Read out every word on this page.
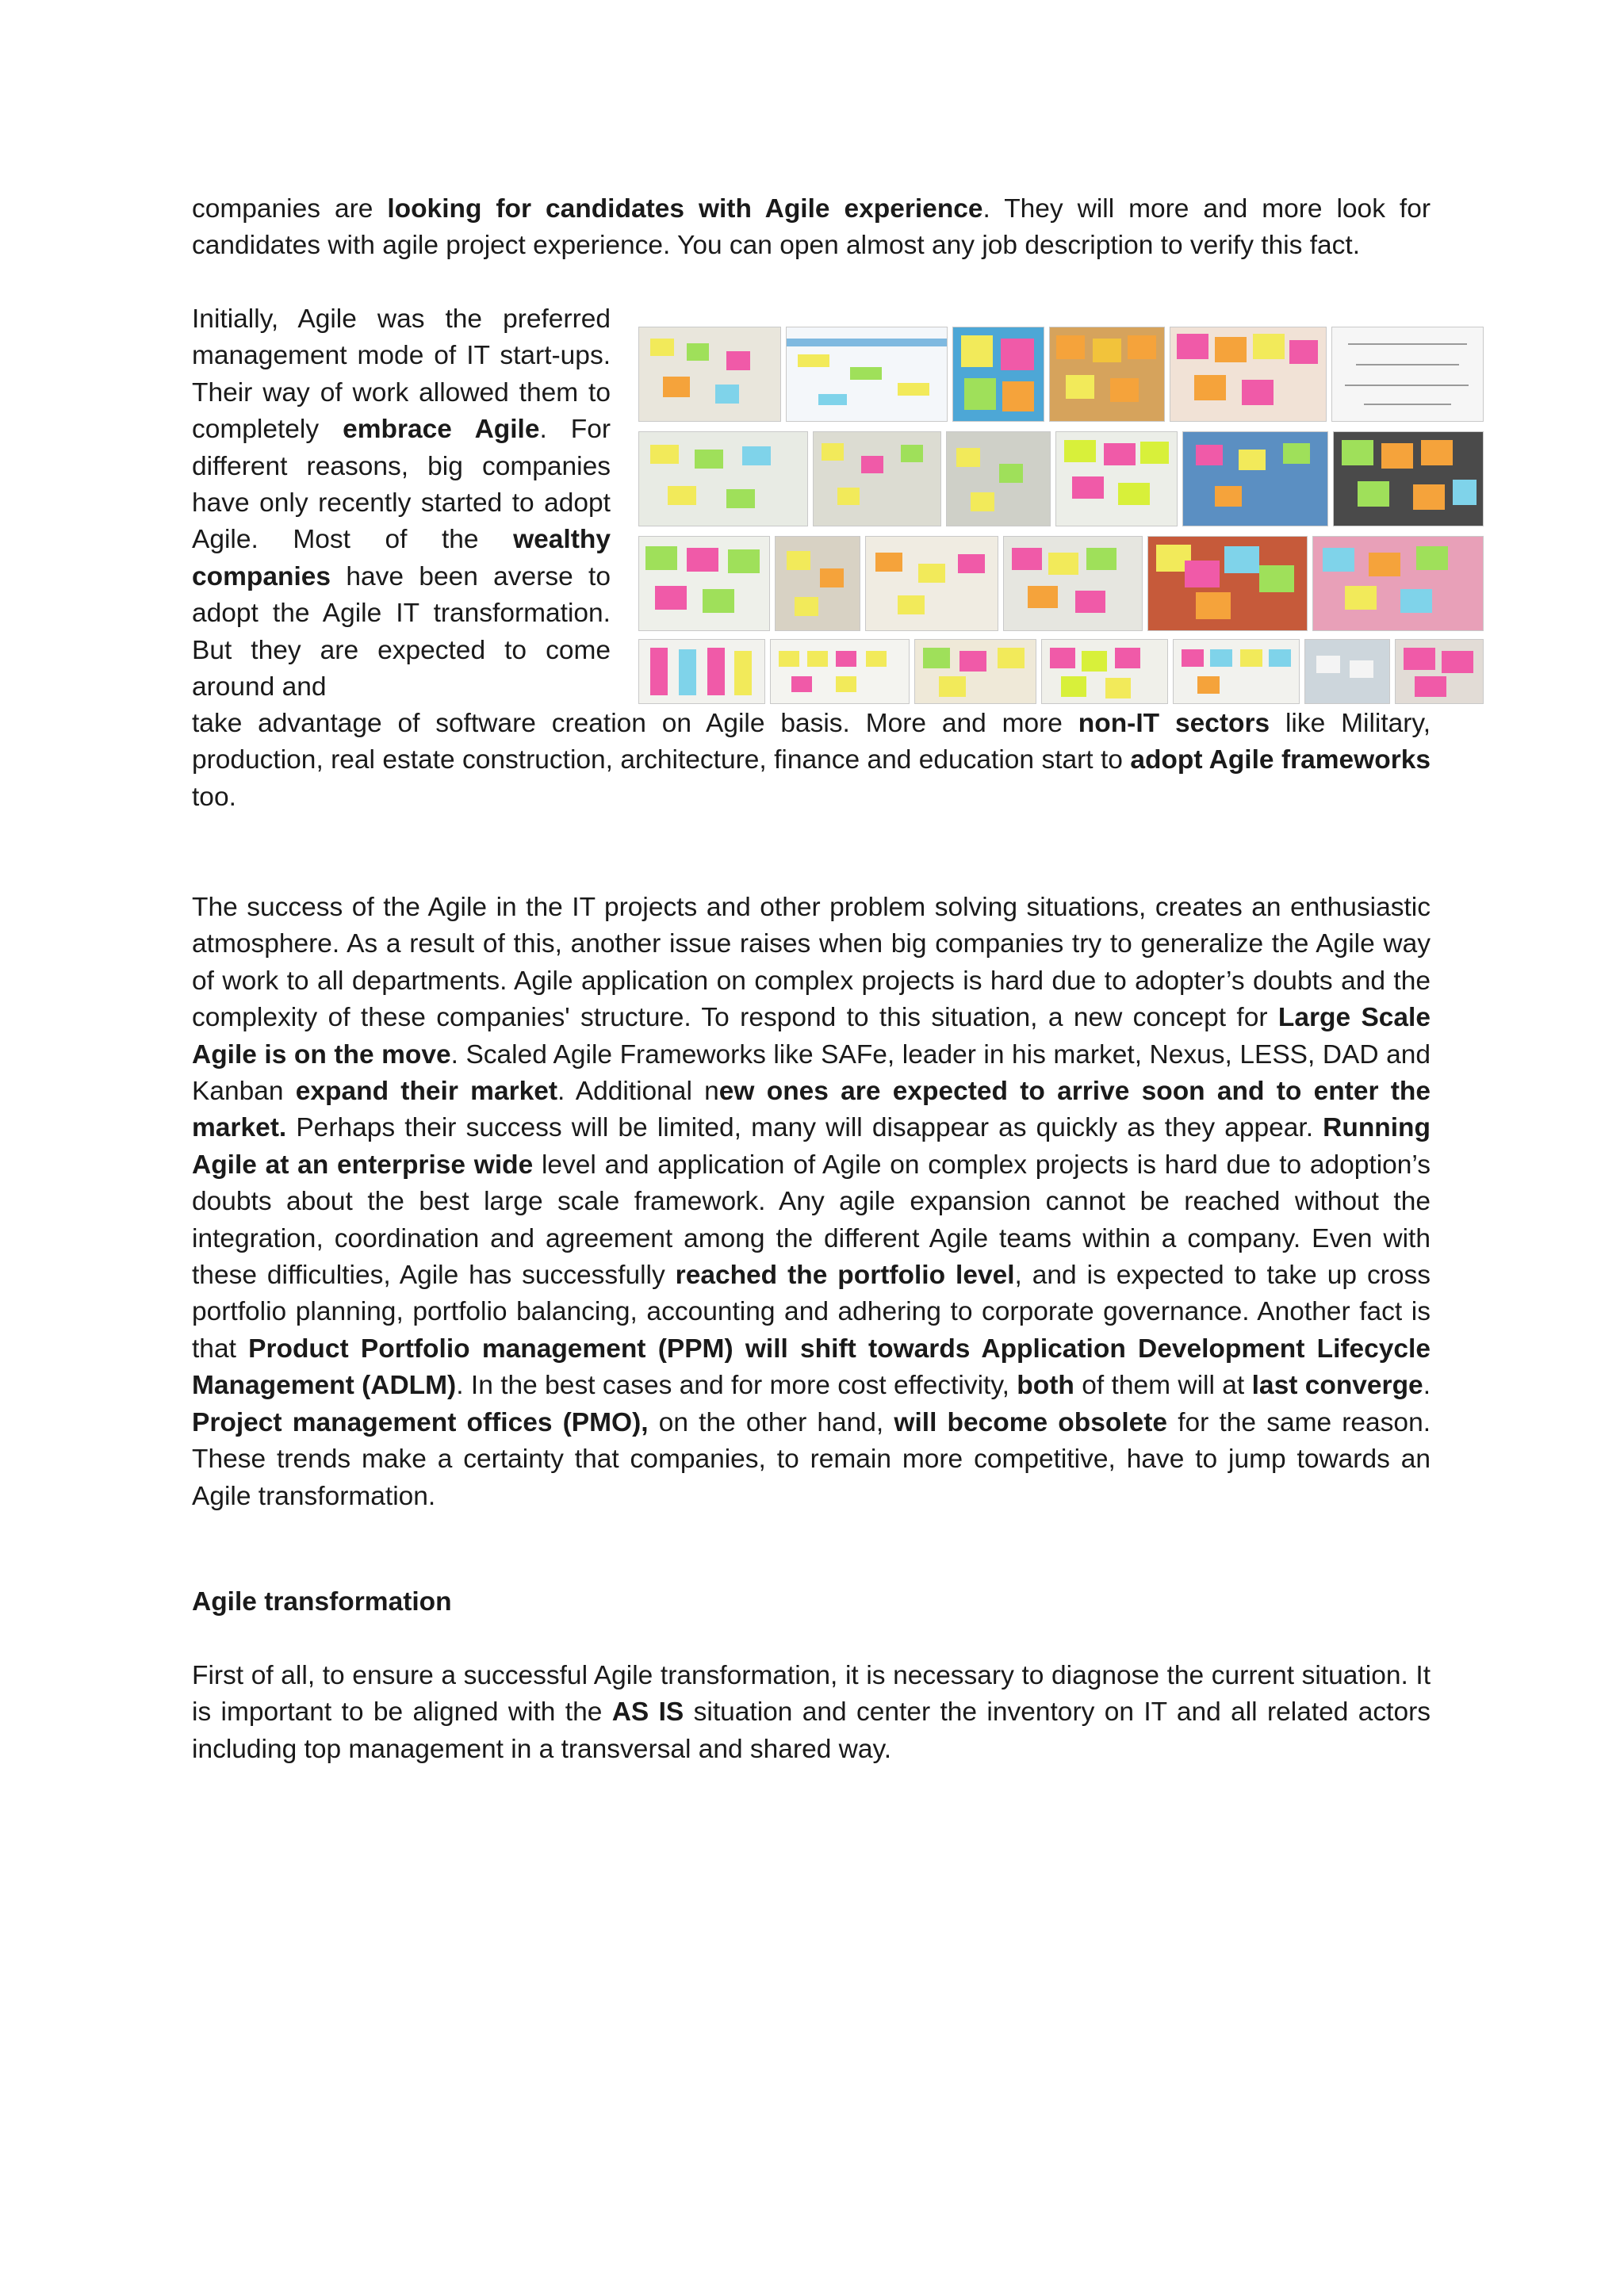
companies are looking for candidates with Agile experience. They will more and more look for candidates with agile project experience. You can open almost any job description to verify this fact.

Initially, Agile was the preferred management mode of IT start-ups. Their way of work allowed them to completely embrace Agile. For different reasons, big companies have only recently started to adopt Agile. Most of the wealthy companies have been averse to adopt the Agile IT transformation. But they are expected to come around and

take advantage of software creation on Agile basis. More and more non-IT sectors like Military, production, real estate construction, architecture, finance and education start to adopt Agile frameworks too.

The success of the Agile in the IT projects and other problem solving situations, creates an enthusiastic atmosphere. As a result of this, another issue raises when big companies try to generalize the Agile way of work to all departments. Agile application on complex projects is hard due to adopter’s doubts and the complexity of these companies' structure. To respond to this situation, a new concept for Large Scale Agile is on the move. Scaled Agile Frameworks like SAFe, leader in his market, Nexus, LESS, DAD and Kanban expand their market. Additional new ones are expected to arrive soon and to enter the market. Perhaps their success will be limited, many will disappear as quickly as they appear. Running Agile at an enterprise wide level and application of Agile on complex projects is hard due to adoption’s doubts about the best large scale framework. Any agile expansion cannot be reached without the integration, coordination and agreement among the different Agile teams within a company. Even with these difficulties, Agile has successfully reached the portfolio level, and is expected to take up cross portfolio planning, portfolio balancing, accounting and adhering to corporate governance. Another fact is that Product Portfolio management (PPM) will shift towards Application Development Lifecycle Management (ADLM). In the best cases and for more cost effectivity, both of them will at last converge. Project management offices (PMO), on the other hand, will become obsolete for the same reason. These trends make a certainty that companies, to remain more competitive, have to jump towards an Agile transformation.

Agile transformation

First of all, to ensure a successful Agile transformation, it is necessary to diagnose the current situation. It is important to be aligned with the AS IS situation and center the inventory on IT and all related actors including top management in a transversal and shared way.
